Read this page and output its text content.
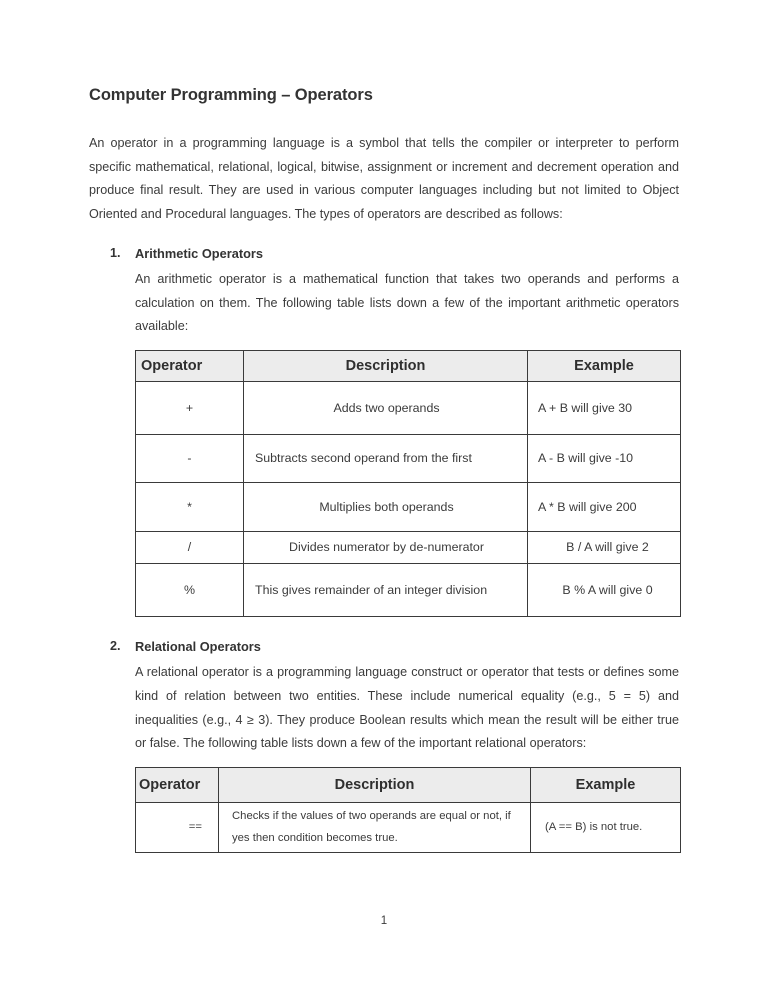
Computer Programming – Operators

An operator in a programming language is a symbol that tells the compiler or interpreter to perform specific mathematical, relational, logical, bitwise, assignment or increment and decrement operation and produce final result. They are used in various computer languages including but not limited to Object Oriented and Procedural languages. The types of operators are described as follows:

1. Arithmetic Operators

An arithmetic operator is a mathematical function that takes two operands and performs a calculation on them. The following table lists down a few of the important arithmetic operators available:

Operator	Description	Example
+	Adds two operands	A + B will give 30
-	Subtracts second operand from the first	A - B will give -10
*	Multiplies both operands	A * B will give 200
/	Divides numerator by de-numerator	B / A will give 2
%	This gives remainder of an integer division	B % A will give 0
2. Relational Operators

A relational operator is a programming language construct or operator that tests or defines some kind of relation between two entities. These include numerical equality (e.g., 5 = 5) and inequalities (e.g., 4 ≥ 3). They produce Boolean results which mean the result will be either true or false. The following table lists down a few of the important relational operators:

Operator	Description	Example
==	Checks if the values of two operands are equal or not, if yes then condition becomes true.	(A == B) is not true.
1
